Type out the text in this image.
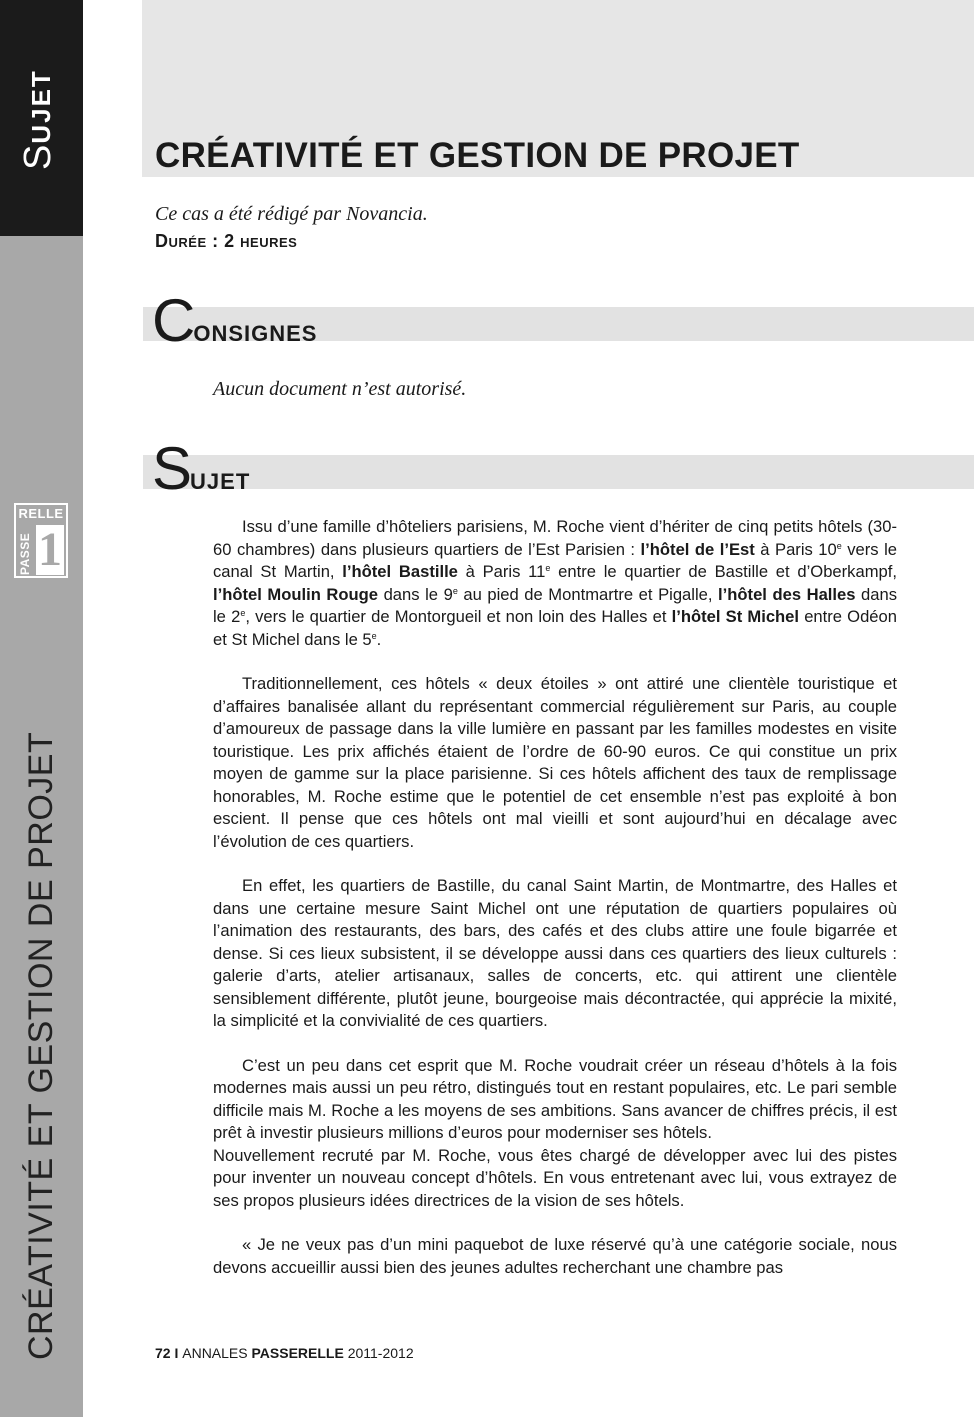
SUJET
RELLE
PASSE 1
CRÉATIVITÉ ET GESTION DE PROJET
CRÉATIVITÉ ET GESTION DE PROJET
Ce cas a été rédigé par Novancia.
DURÉE : 2 HEURES
CONSIGNES
Aucun document n’est autorisé.
SUJET

Issu d’une famille d’hôteliers parisiens, M. Roche vient d’hériter de cinq petits hôtels (30-60 chambres) dans plusieurs quartiers de l’Est Parisien : l’hôtel de l’Est à Paris 10e vers le canal St Martin, l’hôtel Bastille à Paris 11e entre le quartier de Bastille et d’Oberkampf, l’hôtel Moulin Rouge dans le 9e au pied de Montmartre et Pigalle, l’hôtel des Halles dans le 2e, vers le quartier de Montorgueil et non loin des Halles et l’hôtel St Michel entre Odéon et St Michel dans le 5e.

Traditionnellement, ces hôtels « deux étoiles » ont attiré une clientèle touristique et d’affaires banalisée allant du représentant commercial régulièrement sur Paris, au couple d’amoureux de passage dans la ville lumière en passant par les familles modestes en visite touristique. Les prix affichés étaient de l’ordre de 60-90 euros. Ce qui constitue un prix moyen de gamme sur la place parisienne. Si ces hôtels affichent des taux de remplissage honorables, M. Roche estime que le potentiel de cet ensemble n’est pas exploité à bon escient. Il pense que ces hôtels ont mal vieilli et sont aujourd’hui en décalage avec l’évolution de ces quartiers.

En effet, les quartiers de Bastille, du canal Saint Martin, de Montmartre, des Halles et dans une certaine mesure Saint Michel ont une réputation de quartiers populaires où l’animation des restaurants, des bars, des cafés et des clubs attire une foule bigarrée et dense. Si ces lieux subsistent, il se développe aussi dans ces quartiers des lieux culturels : galerie d’arts, atelier artisanaux, salles de concerts, etc. qui attirent une clientèle sensiblement différente, plutôt jeune, bourgeoise mais décontractée, qui apprécie la mixité, la simplicité et la convivialité de ces quartiers.

C’est un peu dans cet esprit que M. Roche voudrait créer un réseau d’hôtels à la fois modernes mais aussi un peu rétro, distingués tout en restant populaires, etc. Le pari semble difficile mais M. Roche a les moyens de ses ambitions. Sans avancer de chiffres précis, il est prêt à investir plusieurs millions d’euros pour moderniser ses hôtels.

Nouvellement recruté par M. Roche, vous êtes chargé de développer avec lui des pistes pour inventer un nouveau concept d’hôtels. En vous entretenant avec lui, vous extrayez de ses propos plusieurs idées directrices de la vision de ses hôtels.

« Je ne veux pas d’un mini paquebot de luxe réservé qu’à une catégorie sociale, nous devons accueillir aussi bien des jeunes adultes recherchant une chambre pas

72 I ANNALES PASSERELLE 2011-2012
